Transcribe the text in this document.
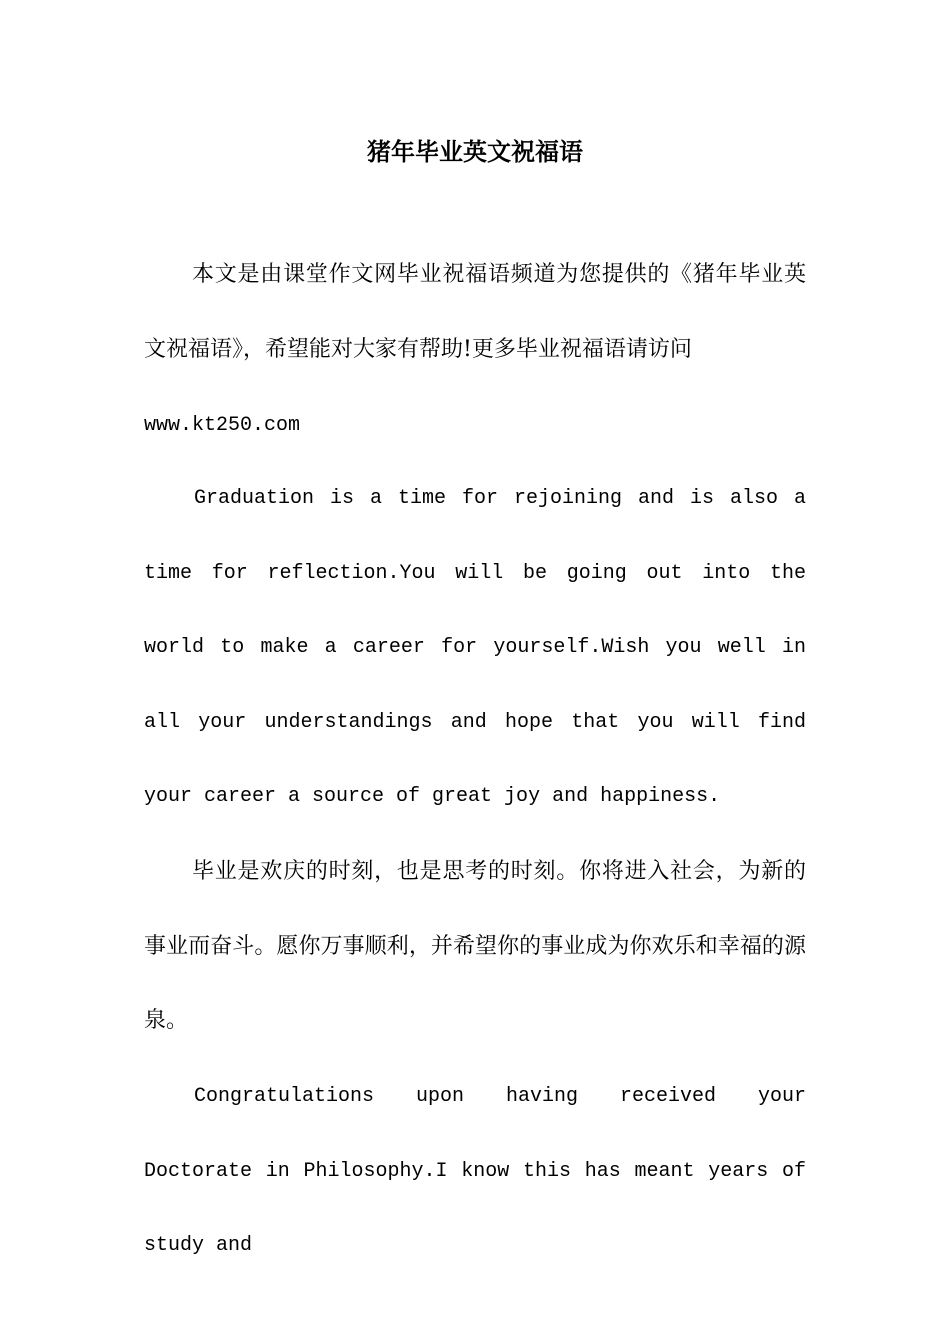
猪年毕业英文祝福语

本文是由课堂作文网毕业祝福语频道为您提供的《猪年毕业英文祝福语》，希望能对大家有帮助!更多毕业祝福语请访问
www.kt250.com

Graduation is a time for rejoining and is also a time for reflection.You will be going out into the world to make a career for yourself.Wish you well in all your understandings and hope that you will find your career a source of great joy and happiness.

毕业是欢庆的时刻，也是思考的时刻。你将进入社会，为新的事业而奋斗。愿你万事顺利，并希望你的事业成为你欢乐和幸福的源泉。

Congratulations upon having received your Doctorate in Philosophy.I know this has meant years of study and
